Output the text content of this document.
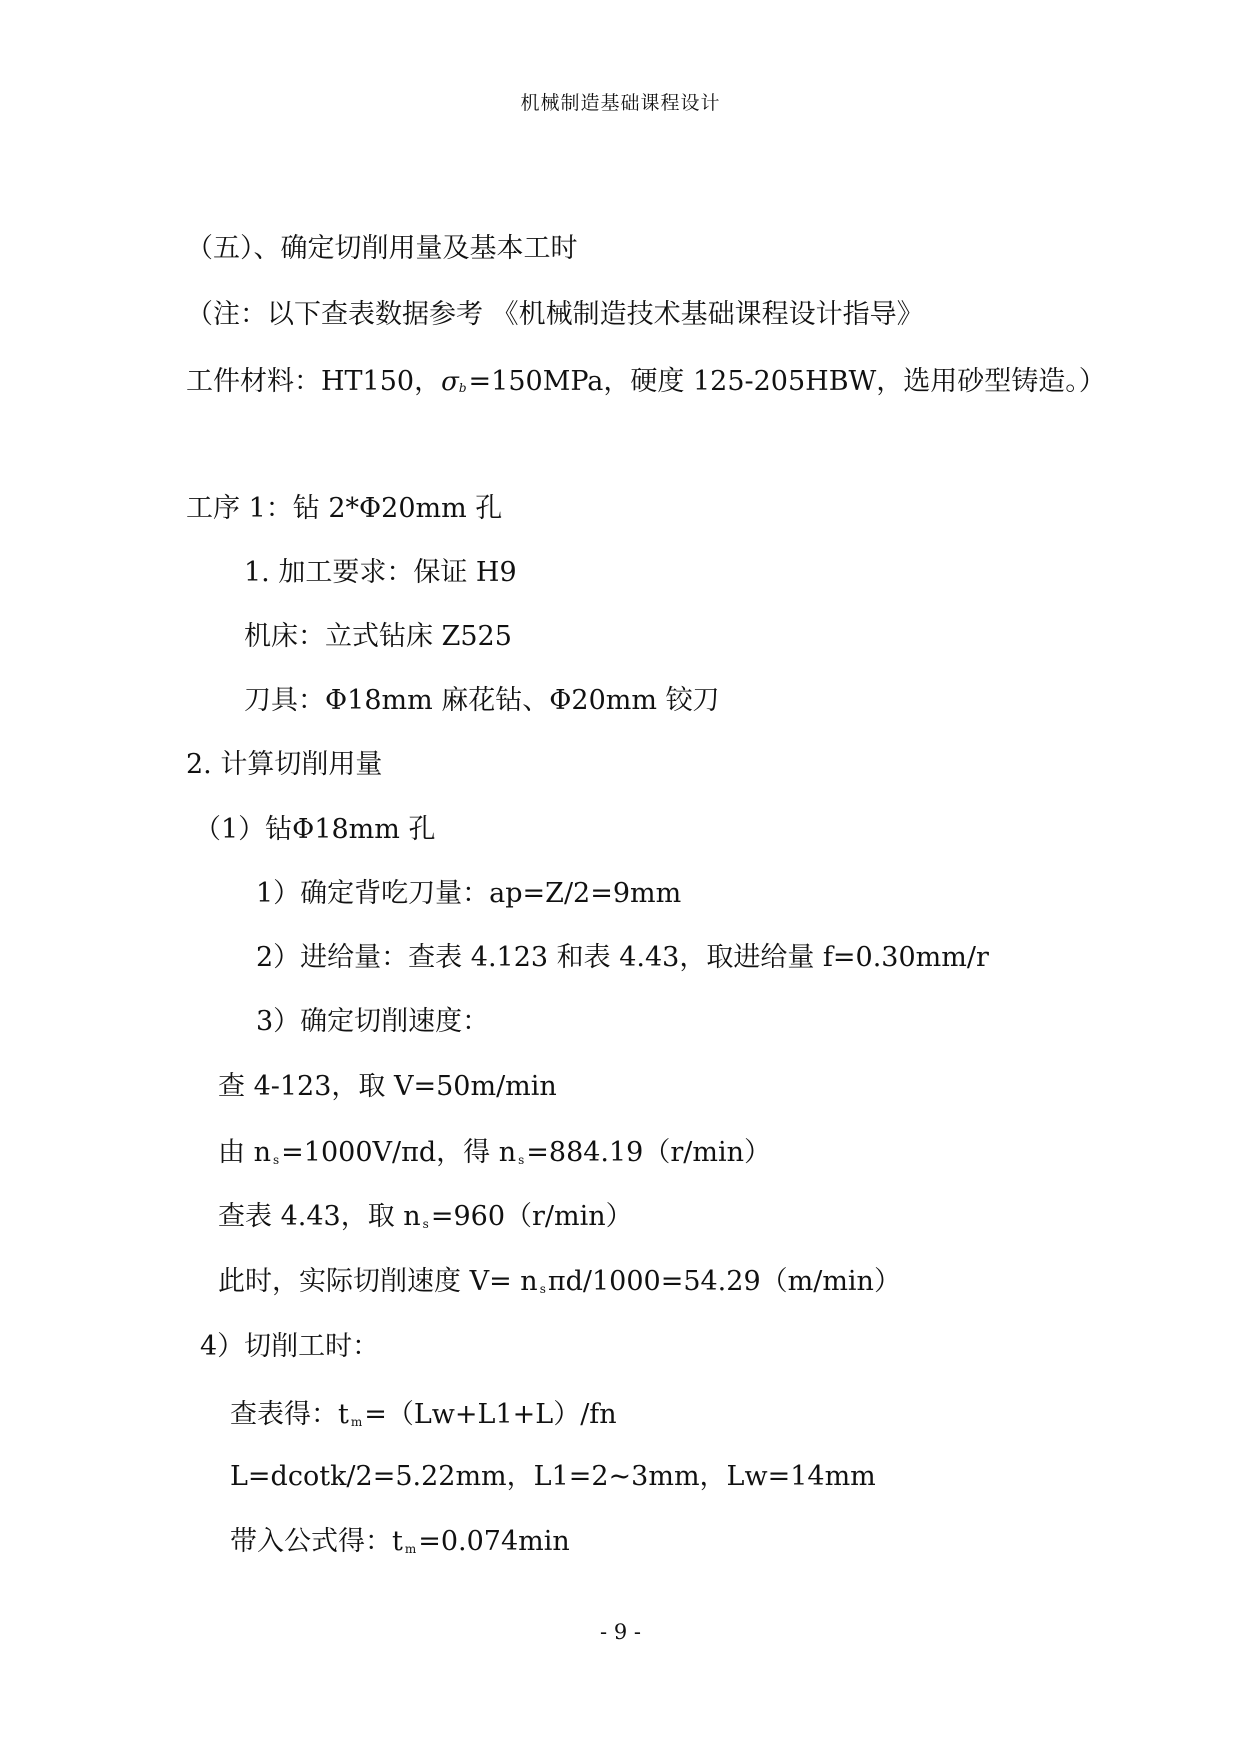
机械制造基础课程设计
（五）、确定切削用量及基本工时
（注：以下查表数据参考 《机械制造技术基础课程设计指导》
工件材料：HT150，σb=150MPa，硬度 125-205HBW，选用砂型铸造。）
工序 1：钻 2*Φ20mm 孔
1. 加工要求：保证 H9
机床：立式钻床 Z525
刀具：Φ18mm 麻花钻、Φ20mm 铰刀
2. 计算切削用量
（1）钻Φ18mm 孔
1）确定背吃刀量：ap=Z/2=9mm
2）进给量：查表 4.123 和表 4.43，取进给量 f=0.30mm/r
3）确定切削速度：
查 4-123，取 V=50m/min
由 n $_s$=1000V/πd，得 n $_s$=884.19（r/min）
查表 4.43，取 n $_s$=960（r/min）
此时，实际切削速度 V= n $_s$πd/1000=54.29（m/min）
4）切削工时：
查表得：t $_m$=（Lw+L1+L）/fn
L=dcotk/2=5.22mm，L1=2~3mm，Lw=14mm
带入公式得：t $_m$=0.074min
- 9 -
